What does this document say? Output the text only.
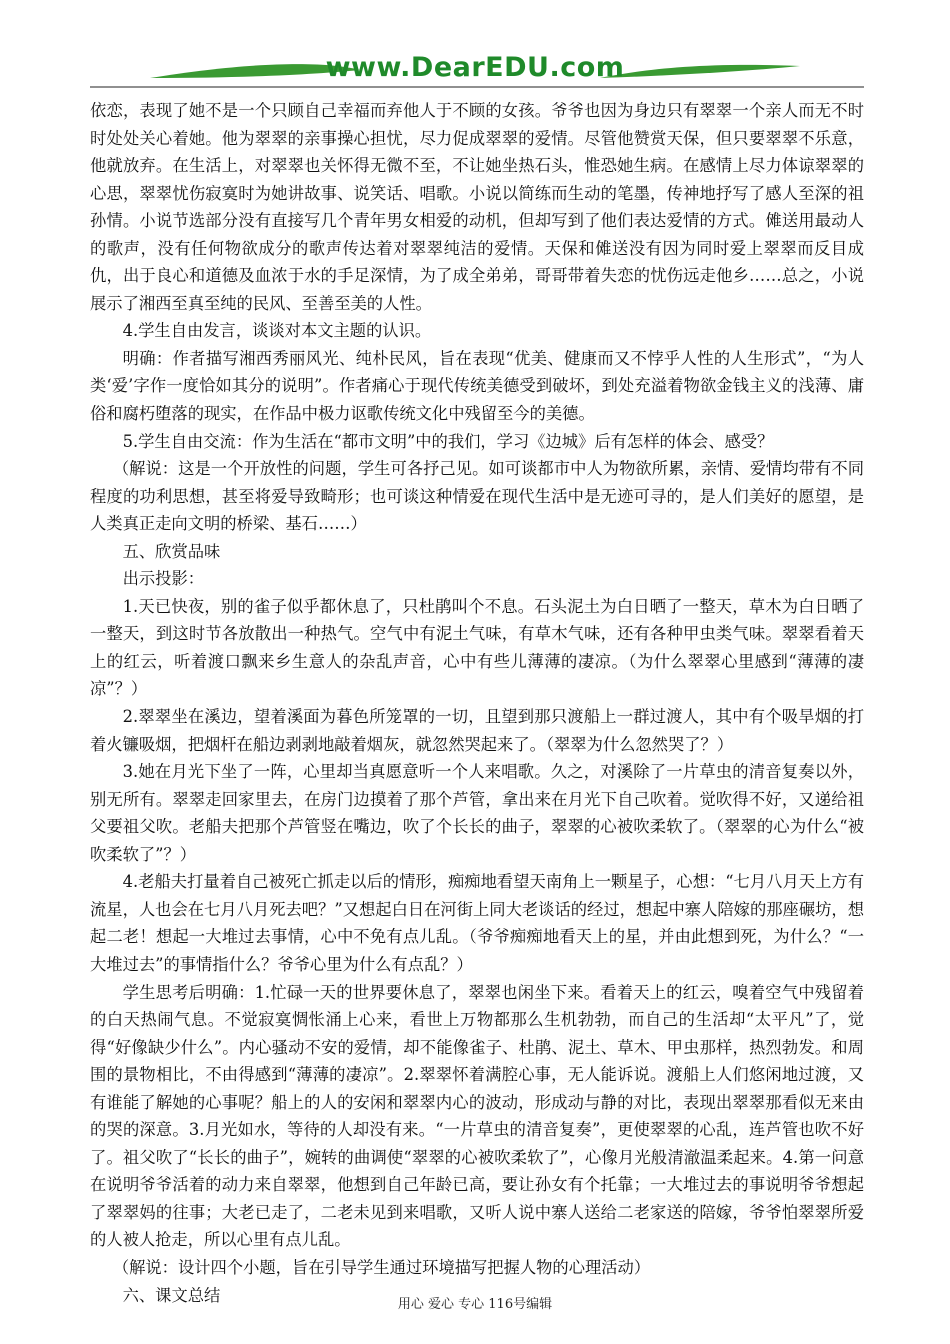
www.DearEDU.com

依恋，表现了她不是一个只顾自己幸福而弃他人于不顾的女孩。爷爷也因为身边只有翠翠一个亲人而无不时时处处关心着她。他为翠翠的亲事操心担忧，尽力促成翠翠的爱情。尽管他赞赏天保，但只要翠翠不乐意，他就放弃。在生活上，对翠翠也关怀得无微不至，不让她坐热石头，惟恐她生病。在感情上尽力体谅翠翠的心思，翠翠忧伤寂寞时为她讲故事、说笑话、唱歌。小说以简练而生动的笔墨，传神地抒写了感人至深的祖孙情。小说节选部分没有直接写几个青年男女相爱的动机，但却写到了他们表达爱情的方式。傩送用最动人的歌声，没有任何物欲成分的歌声传达着对翠翠纯洁的爱情。天保和傩送没有因为同时爱上翠翠而反目成仇，出于良心和道德及血浓于水的手足深情，为了成全弟弟，哥哥带着失恋的忧伤远走他乡……总之，小说展示了湘西至真至纯的民风、至善至美的人性。

4.学生自由发言，谈谈对本文主题的认识。

明确：作者描写湘西秀丽风光、纯朴民风，旨在表现“优美、健康而又不悖乎人性的人生形式”，“为人类‘爱’字作一度恰如其分的说明”。作者痛心于现代传统美德受到破坏，到处充溢着物欲金钱主义的浅薄、庸俗和腐朽堕落的现实，在作品中极力讴歌传统文化中残留至今的美德。

5.学生自由交流：作为生活在“都市文明”中的我们，学习《边城》后有怎样的体会、感受？

（解说：这是一个开放性的问题，学生可各抒己见。如可谈都市中人为物欲所累，亲情、爱情均带有不同程度的功利思想，甚至将爱导致畸形；也可谈这种情爱在现代生活中是无迹可寻的，是人们美好的愿望，是人类真正走向文明的桥梁、基石……）

五、欣赏品味

出示投影：

1.天已快夜，别的雀子似乎都休息了，只杜鹃叫个不息。石头泥土为白日晒了一整天，草木为白日晒了一整天，到这时节各放散出一种热气。空气中有泥土气味，有草木气味，还有各种甲虫类气味。翠翠看着天上的红云，听着渡口飘来乡生意人的杂乱声音，心中有些儿薄薄的凄凉。（为什么翠翠心里感到“薄薄的凄凉”？）

2.翠翠坐在溪边，望着溪面为暮色所笼罩的一切，且望到那只渡船上一群过渡人，其中有个吸旱烟的打着火镰吸烟，把烟杆在船边剥剥地敲着烟灰，就忽然哭起来了。（翠翠为什么忽然哭了？）

3.她在月光下坐了一阵，心里却当真愿意听一个人来唱歌。久之，对溪除了一片草虫的清音复奏以外，别无所有。翠翠走回家里去，在房门边摸着了那个芦管，拿出来在月光下自己吹着。觉吹得不好，又递给祖父要祖父吹。老船夫把那个芦管竖在嘴边，吹了个长长的曲子，翠翠的心被吹柔软了。（翠翠的心为什么“被吹柔软了”？）

4.老船夫打量着自己被死亡抓走以后的情形，痴痴地看望天南角上一颗星子，心想：“七月八月天上方有流星，人也会在七月八月死去吧？”又想起白日在河街上同大老谈话的经过，想起中寨人陪嫁的那座碾坊，想起二老！想起一大堆过去事情，心中不免有点儿乱。（爷爷痴痴地看天上的星，并由此想到死，为什么？“一大堆过去”的事情指什么？爷爷心里为什么有点乱？）

学生思考后明确：1.忙碌一天的世界要休息了，翠翠也闲坐下来。看着天上的红云，嗅着空气中残留着的白天热闹气息。不觉寂寞惆怅涌上心来，看世上万物都那么生机勃勃，而自己的生活却“太平凡”了，觉得“好像缺少什么”。内心骚动不安的爱情，却不能像雀子、杜鹃、泥土、草木、甲虫那样，热烈勃发。和周围的景物相比，不由得感到“薄薄的凄凉”。2.翠翠怀着满腔心事，无人能诉说。渡船上人们悠闲地过渡，又有谁能了解她的心事呢？船上的人的安闲和翠翠内心的波动，形成动与静的对比，表现出翠翠那看似无来由的哭的深意。3.月光如水，等待的人却没有来。“一片草虫的清音复奏”，更使翠翠的心乱，连芦管也吹不好了。祖父吹了“长长的曲子”，婉转的曲调使“翠翠的心被吹柔软了”，心像月光般清澈温柔起来。4.第一问意在说明爷爷活着的动力来自翠翠，他想到自己年龄已高，要让孙女有个托靠；一大堆过去的事说明爷爷想起了翠翠妈的往事；大老已走了，二老未见到来唱歌，又听人说中寨人送给二老家送的陪嫁，爷爷怕翠翠所爱的人被人抢走，所以心里有点儿乱。

（解说：设计四个小题，旨在引导学生通过环境描写把握人物的心理活动）

六、课文总结	用心 爱心 专心 116号编辑
